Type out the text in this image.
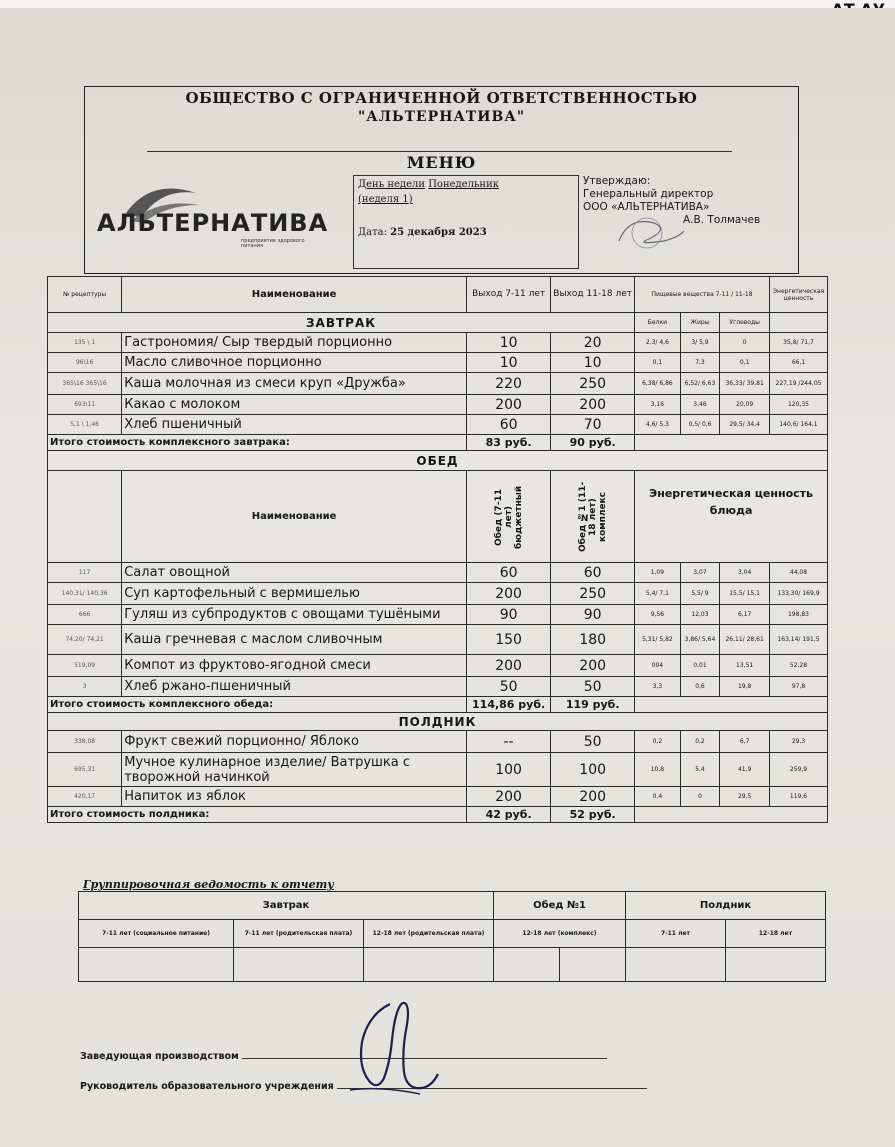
ОБЩЕСТВО С ОГРАНИЧЕННОЙ ОТВЕТСТВЕННОСТЬЮ
"АЛЬТЕРНАТИВА"
МЕНЮ
АЛЬТЕРНАТИВА
предприятие здорового питания
День недели Понедельник
(неделя 1)
Дата: 25 декабря 2023
Утверждаю:
Генеральный директор
ООО «АЛЬТЕРНАТИВА»
А.В. Толмачев
№ рецептуры	Наименование	Выход 7-11 лет	Выход 11-18 лет	Пищевые вещества 7-11 / 11-18			Энергетическая ценность
ЗАВТРАК				Белки	Жиры	Углеводы	
135 \ 1	Гастрономия/ Сыр твердый порционно	10	20	2,3/ 4,6	3/ 5,9	0	35,8/ 71,7
96\16	Масло сливочное порционно	10	10	0,1	7,3	0,1	66,1
365\16 365\16	Каша молочная из смеси круп «Дружба»	220	250	6,38/ 6,86	6,52/ 6,63	36,33/ 39,81	227,19 /244,05
693\11	Какао с молоком	200	200	3,16	3,46	20,09	120,35
5,1 \ 1,46	Хлеб пшеничный	60	70	4,6/ 5,3	0,5/ 0,6	29,5/ 34,4	140,6/ 164,1
Итого стоимость комплексного завтрака:		83 руб.	90 руб.				
ОБЕД							
	Наименование	Обед (7-11 лет) бюджетный	Обед №1 (11-18 лет) комплекс	Энергетическая ценность блюда			
117	Салат овощной	60	60	1,09	3,07	3,04	44,08
140,31/ 140,36	Суп картофельный с вермишелью	200	250	5,4/ 7,1	5,5/ 9	15,5/ 15,1	133,30/ 169,9
666	Гуляш из субпродуктов с овощами тушёными	90	90	9,56	12,03	6,17	198,83
74,20/ 74,21	Каша гречневая с маслом сливочным	150	180	5,31/ 5,82	3,86/ 5,64	26,11/ 28,61	163,14/ 191,5
519,09	Компот из фруктово-ягодной смеси	200	200	004	0,01	13,51	52,28
3	Хлеб ржано-пшеничный	50	50	3,3	0,6	19,8	97,8
Итого стоимость комплексного обеда:		114,86 руб.	119 руб.				
ПОЛДНИК							
338,08	Фрукт свежий порционно/ Яблоко	--	50	0,2	0,2	6,7	29,3
695,31	Мучное кулинарное изделие/ Ватрушка с творожной начинкой	100	100	10,8	5,4	41,9	259,9
420,17	Напиток из яблок	200	200	0,4	0	29,5	119,6
Итого стоимость полдника:		42 руб.	52 руб.				
Группировочная ведомость к отчету
Завтрак			Обед №1		Полдник	
7-11 лет (социальное питание)	7-11 лет (родительская плата)	12-18 лет (родительская плата)	12-18 лет (комплекс)		7-11 лет	12-18 лет

Заведующая производством
Руководитель образовательного учреждения
